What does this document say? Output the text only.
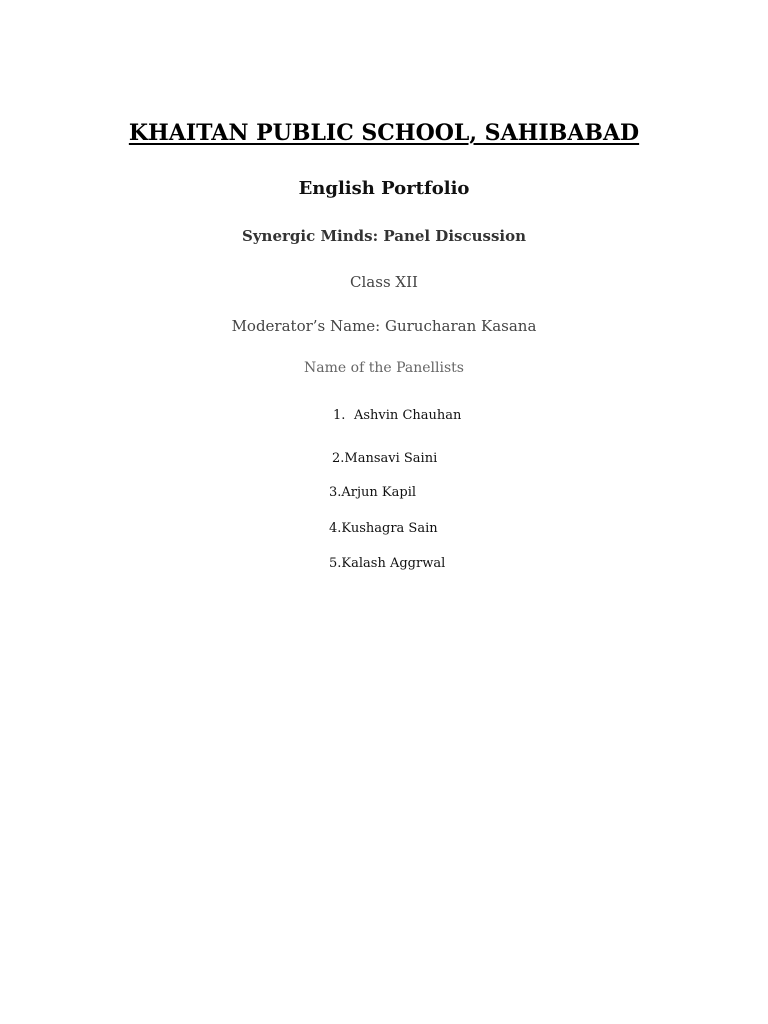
KHAITAN PUBLIC SCHOOL, SAHIBABAD
English Portfolio
Synergic Minds: Panel Discussion
Class XII
Moderator’s Name: Gurucharan Kasana
Name of the Panellists
1. Ashvin Chauhan
2.Mansavi Saini
3.Arjun Kapil
4.Kushagra Sain
5.Kalash Aggrwal
